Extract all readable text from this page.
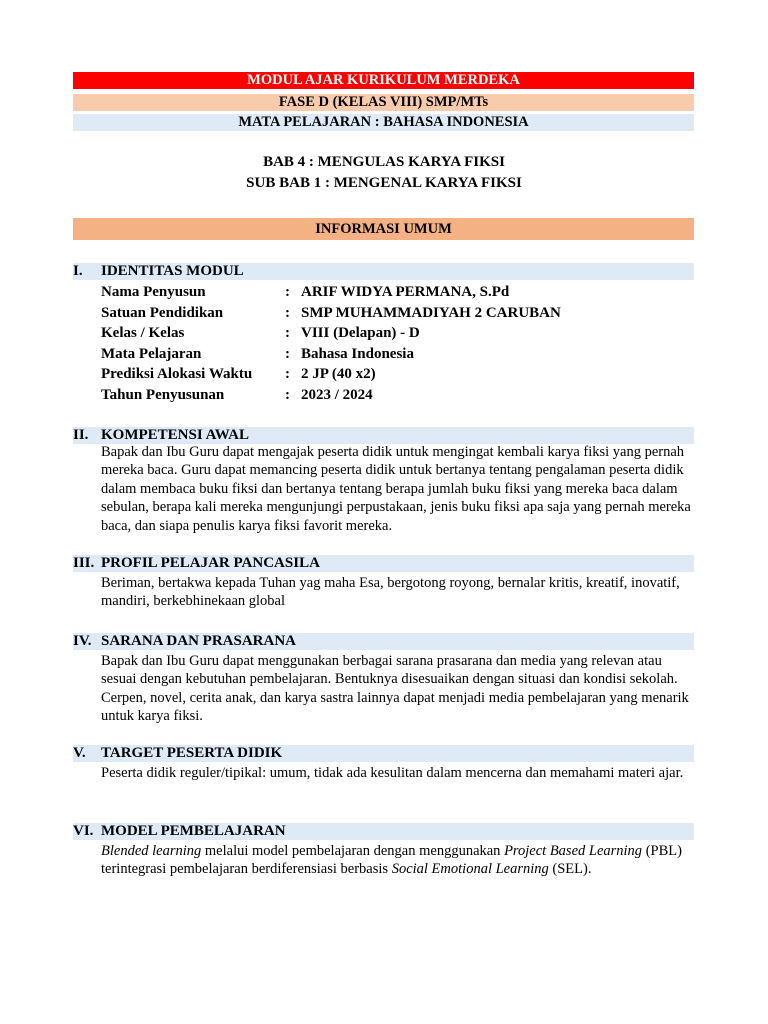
MODUL AJAR KURIKULUM MERDEKA
FASE D (KELAS VIII) SMP/MTs
MATA PELAJARAN : BAHASA INDONESIA
BAB 4 : MENGULAS KARYA FIKSI
SUB BAB 1 : MENGENAL KARYA FIKSI
INFORMASI UMUM
I. IDENTITAS MODUL
Nama Penyusun	: ARIF WIDYA PERMANA, S.Pd
Satuan Pendidikan	: SMP MUHAMMADIYAH 2 CARUBAN
Kelas / Kelas	: VIII (Delapan) - D
Mata Pelajaran	: Bahasa Indonesia
Prediksi Alokasi Waktu : 2 JP (40 x2)
Tahun Penyusunan	: 2023 / 2024
II. KOMPETENSI AWAL
Bapak dan Ibu Guru dapat mengajak peserta didik untuk mengingat kembali karya fiksi yang pernah mereka baca. Guru dapat memancing peserta didik untuk bertanya tentang pengalaman peserta didik dalam membaca buku fiksi dan bertanya tentang berapa jumlah buku fiksi yang mereka baca dalam sebulan, berapa kali mereka mengunjungi perpustakaan, jenis buku fiksi apa saja yang pernah mereka baca, dan siapa penulis karya fiksi favorit mereka.
III. PROFIL PELAJAR PANCASILA
Beriman, bertakwa kepada Tuhan yag maha Esa, bergotong royong, bernalar kritis, kreatif, inovatif, mandiri, berkebhinekaan global
IV. SARANA DAN PRASARANA
Bapak dan Ibu Guru dapat menggunakan berbagai sarana prasarana dan media yang relevan atau sesuai dengan kebutuhan pembelajaran. Bentuknya disesuaikan dengan situasi dan kondisi sekolah. Cerpen, novel, cerita anak, dan karya sastra lainnya dapat menjadi media pembelajaran yang menarik untuk karya fiksi.
V. TARGET PESERTA DIDIK
Peserta didik reguler/tipikal: umum, tidak ada kesulitan dalam mencerna dan memahami materi ajar.
VI. MODEL PEMBELAJARAN
Blended learning melalui model pembelajaran dengan menggunakan Project Based Learning (PBL) terintegrasi pembelajaran berdiferensiasi berbasis Social Emotional Learning (SEL).
